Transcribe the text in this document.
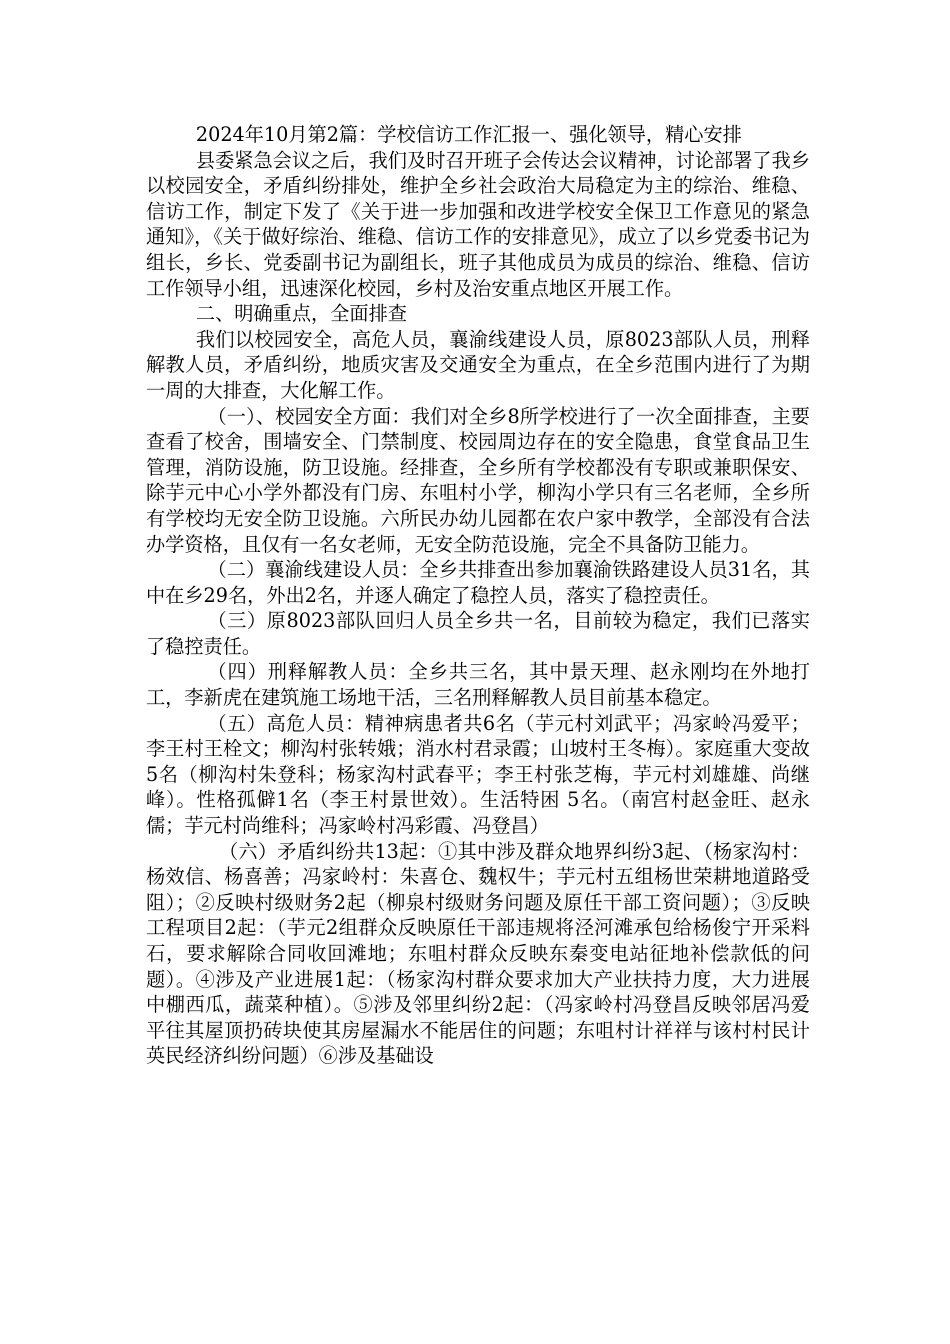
2024年10月第2篇：学校信访工作汇报一、强化领导，精心安排

县委紧急会议之后，我们及时召开班子会传达会议精神，讨论部署了我乡以校园安全，矛盾纠纷排处，维护全乡社会政治大局稳定为主的综治、维稳、信访工作，制定下发了《关于进一步加强和改进学校安全保卫工作意见的紧急通知》，《关于做好综治、维稳、信访工作的安排意见》，成立了以乡党委书记为组长，乡长、党委副书记为副组长，班子其他成员为成员的综治、维稳、信访工作领导小组，迅速深化校园，乡村及治安重点地区开展工作。

二、明确重点，全面排查

我们以校园安全，高危人员，襄渝线建设人员，原8023部队人员，刑释解教人员，矛盾纠纷，地质灾害及交通安全为重点，在全乡范围内进行了为期一周的大排查，大化解工作。

（一）、校园安全方面：我们对全乡8所学校进行了一次全面排查，主要查看了校舍，围墙安全、门禁制度、校园周边存在的安全隐患，食堂食品卫生管理，消防设施，防卫设施。经排查，全乡所有学校都没有专职或兼职保安、除芋元中心小学外都没有门房、东咀村小学，柳沟小学只有三名老师，全乡所有学校均无安全防卫设施。六所民办幼儿园都在农户家中教学，全部没有合法办学资格，且仅有一名女老师，无安全防范设施，完全不具备防卫能力。

（二）襄渝线建设人员：全乡共排查出参加襄渝铁路建设人员31名，其中在乡29名，外出2名，并逐人确定了稳控人员，落实了稳控责任。

（三）原8023部队回归人员全乡共一名，目前较为稳定，我们已落实了稳控责任。

（四）刑释解教人员：全乡共三名，其中景天理、赵永刚均在外地打工，李新虎在建筑施工场地干活，三名刑释解教人员目前基本稳定。

（五）高危人员：精神病患者共6名（芋元村刘武平；冯家岭冯爱平；李王村王栓文；柳沟村张转娥；消水村君录霞；山坡村王冬梅）。家庭重大变故5名（柳沟村朱登科；杨家沟村武春平；李王村张芝梅，芋元村刘雄雄、尚继峰）。性格孤僻1名（李王村景世效）。生活特困 5名。（南宫村赵金旺、赵永儒；芋元村尚维科；冯家岭村冯彩霞、冯登昌）

（六）矛盾纠纷共13起：①其中涉及群众地界纠纷3起、（杨家沟村：杨效信、杨喜善；冯家岭村：朱喜仓、魏权牛；芋元村五组杨世荣耕地道路受阻）；②反映村级财务2起（柳泉村级财务问题及原任干部工资问题）；③反映工程项目2起：（芋元2组群众反映原任干部违规将泾河滩承包给杨俊宁开采料石，要求解除合同收回滩地；东咀村群众反映东秦变电站征地补偿款低的问题）。④涉及产业进展1起：（杨家沟村群众要求加大产业扶持力度，大力进展中棚西瓜，蔬菜种植）。⑤涉及邻里纠纷2起：（冯家岭村冯登昌反映邻居冯爱平往其屋顶扔砖块使其房屋漏水不能居住的问题；东咀村计祥祥与该村村民计英民经济纠纷问题）⑥涉及基础设
